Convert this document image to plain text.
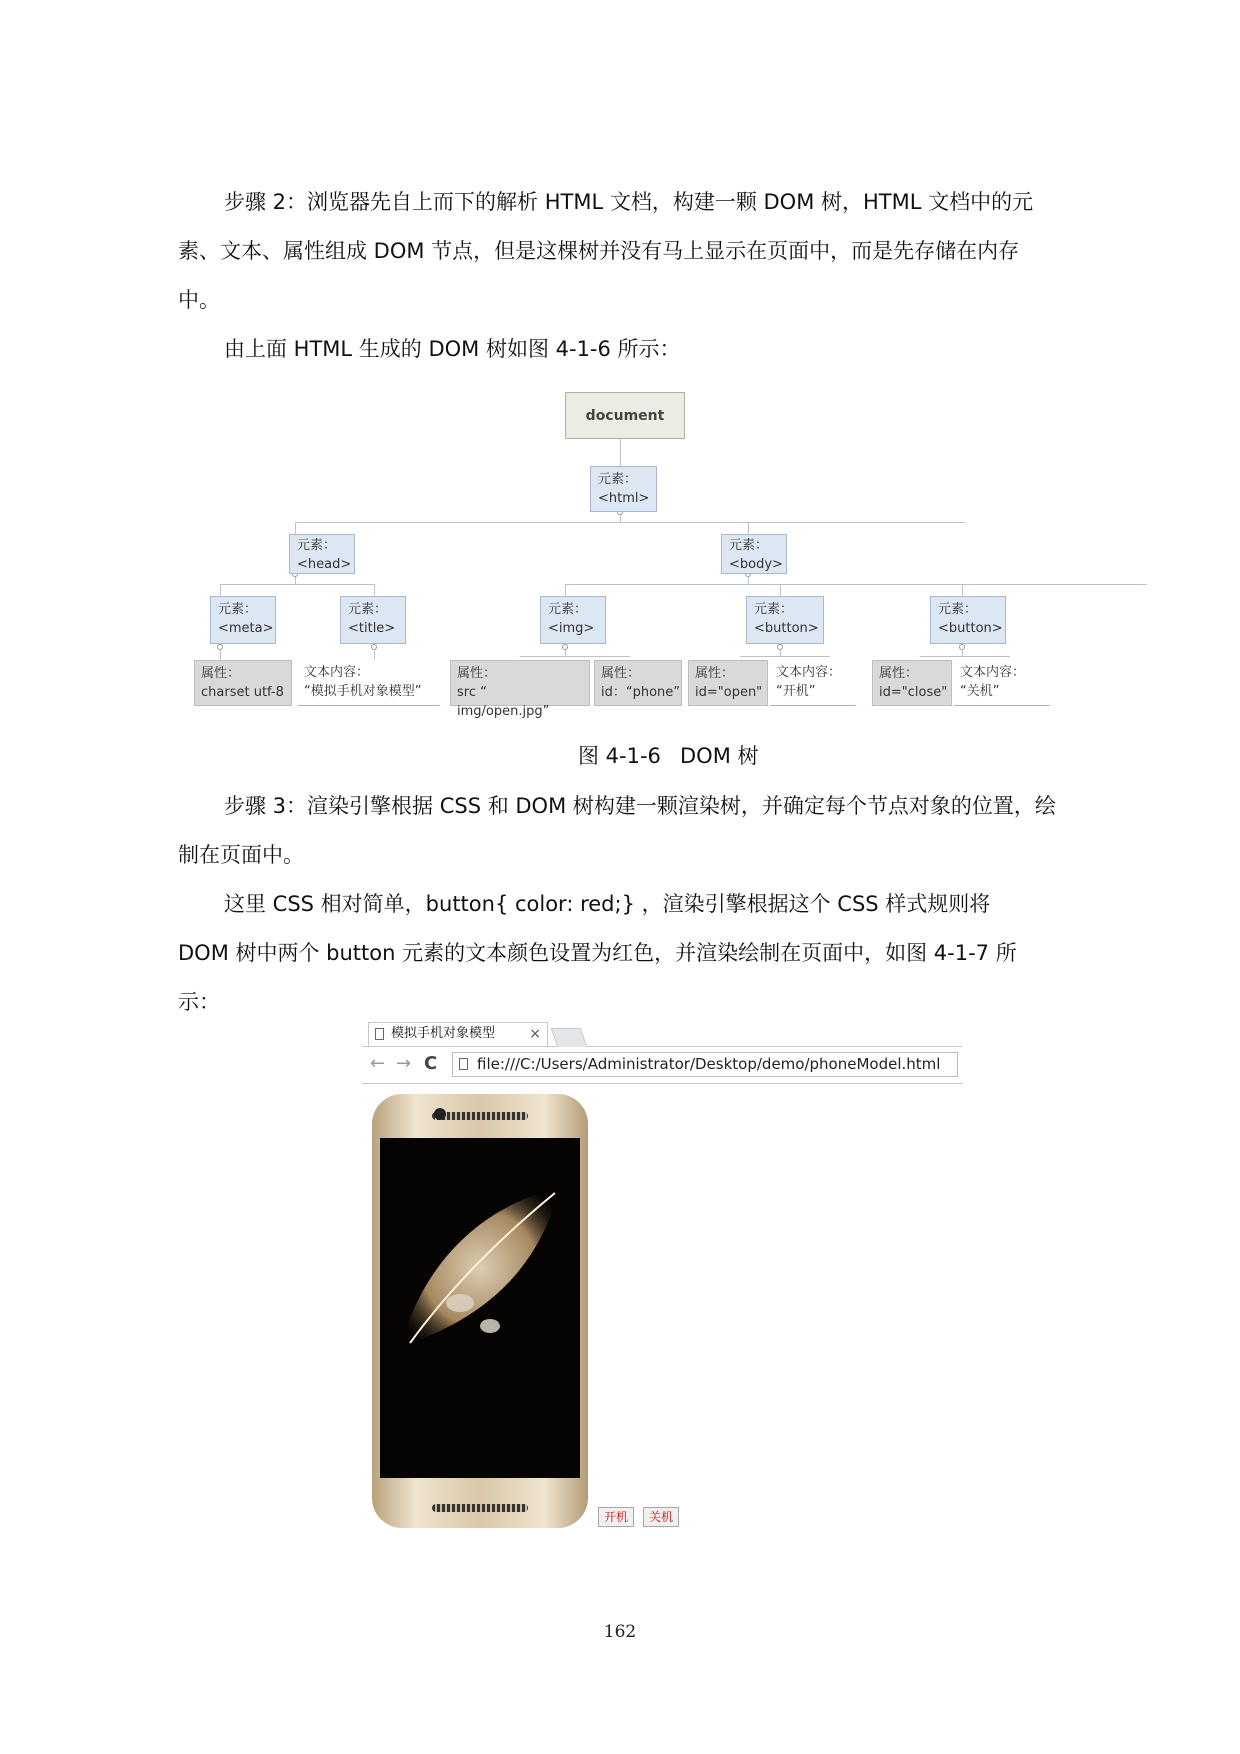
步骤 2：浏览器先自上而下的解析 HTML 文档，构建一颗 DOM 树，HTML 文档中的元素、文本、属性组成 DOM 节点，但是这棵树并没有马上显示在页面中，而是先存储在内存中。

由上面 HTML 生成的 DOM 树如图 4-1-6 所示：

document
元素：
<html>
元素：
<head>
元素：
<body>
元素：
<meta>
元素：
<title>
元素：
<img>
元素：
<button>
元素：
<button>
属性：
charset utf-8
文本内容：
“模拟手机对象模型”
属性：
src “ img/open.jpg”
属性：
id：“phone”
属性：
id="open"
文本内容：
“开机”
属性：
id="close"
文本内容：
“关机”
图 4-1-6 DOM 树

步骤 3：渲染引擎根据 CSS 和 DOM 树构建一颗渲染树，并确定每个节点对象的位置，绘制在页面中。

这里 CSS 相对简单，button{ color: red;} ，渲染引擎根据这个 CSS 样式规则将

DOM 树中两个 button 元素的文本颜色设置为红色，并渲染绘制在页面中，如图 4-1-7 所示：

模拟手机对象模型 ×
← → C	file:///C:/Users/Administrator/Desktop/demo/phoneModel.html
开机 关机
162
